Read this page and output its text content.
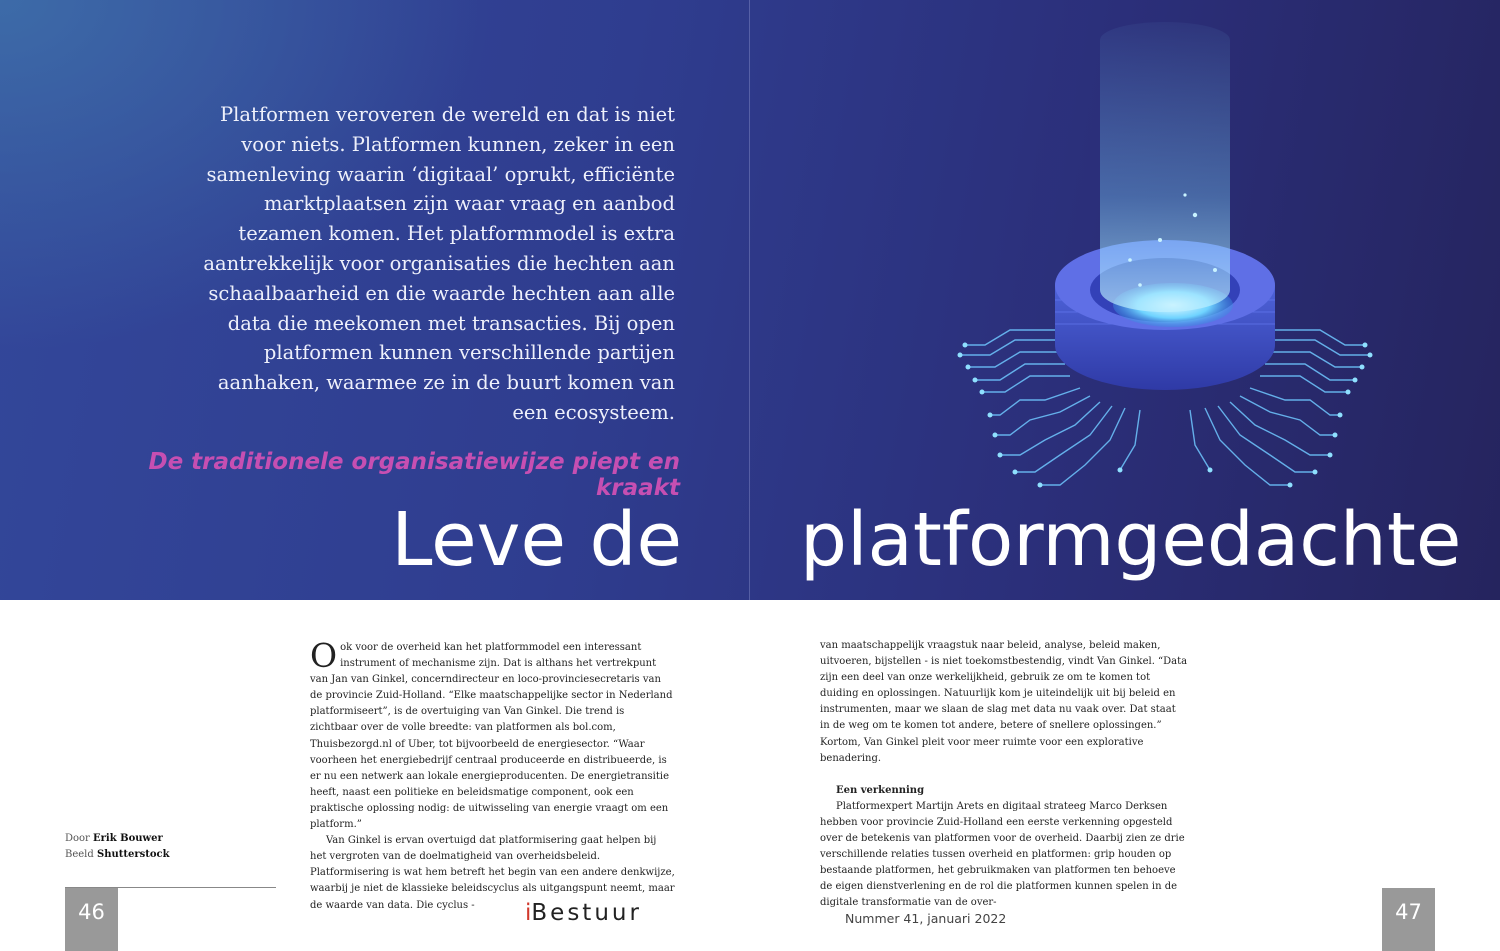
Platformen veroveren de wereld en dat is niet voor niets. Platformen kunnen, zeker in een samenleving waarin ‘digitaal’ oprukt, efficiënte marktplaatsen zijn waar vraag en aanbod tezamen komen. Het platformmodel is extra aantrekkelijk voor organisaties die hechten aan schaalbaarheid en die waarde hechten aan alle data die meekomen met transacties. Bij open platformen kunnen verschillende partijen aanhaken, waarmee ze in de buurt komen van een ecosysteem.
De traditionele organisatiewijze piept en kraakt
Leve de platformgedachte

Ook voor de overheid kan het platformmodel een interessant instrument of mechanisme zijn. Dat is althans het vertrekpunt van Jan van Ginkel, concerndirecteur en loco-provinciesecretaris van de provincie Zuid-Holland. “Elke maatschappelijke sector in Nederland platformiseert”, is de overtuiging van Van Ginkel. Die trend is zichtbaar over de volle breedte: van platformen als bol.com, Thuisbezorgd.nl of Uber, tot bijvoorbeeld de energiesector. “Waar voorheen het energiebedrijf centraal produceerde en distribueerde, is er nu een netwerk aan lokale energieproducenten. De energietransitie heeft, naast een politieke en beleidsmatige component, ook een praktische oplossing nodig: de uitwisseling van energie vraagt om een platform.”

Van Ginkel is ervan overtuigd dat platformisering gaat helpen bij het vergroten van de doelmatigheid van overheidsbeleid. Platformisering is wat hem betreft het begin van een andere denkwijze, waarbij je niet de klassieke beleidscyclus als uitgangspunt neemt, maar de waarde van data. Die cyclus -

van maatschappelijk vraagstuk naar beleid, analyse, beleid maken, uitvoeren, bijstellen - is niet toekomstbestendig, vindt Van Ginkel. “Data zijn een deel van onze werkelijkheid, gebruik ze om te komen tot duiding en oplossingen. Natuurlijk kom je uiteindelijk uit bij beleid en instrumenten, maar we slaan de slag met data nu vaak over. Dat staat in de weg om te komen tot andere, betere of snellere oplossingen.” Kortom, Van Ginkel pleit voor meer ruimte voor een explorative benadering.

Een verkenning

Platformexpert Martijn Arets en digitaal strateeg Marco Derksen hebben voor provincie Zuid-Holland een eerste verkenning opgesteld over de betekenis van platformen voor de overheid. Daarbij zien ze drie verschillende relaties tussen overheid en platformen: grip houden op bestaande platformen, het gebruikmaken van platformen ten behoeve de eigen dienstverlening en de rol die platformen kunnen spelen in de digitale transformatie van de over-

Door Erik Bouwer
Beeld Shutterstock
46	iBestuur	Nummer 41, januari 2022	47
